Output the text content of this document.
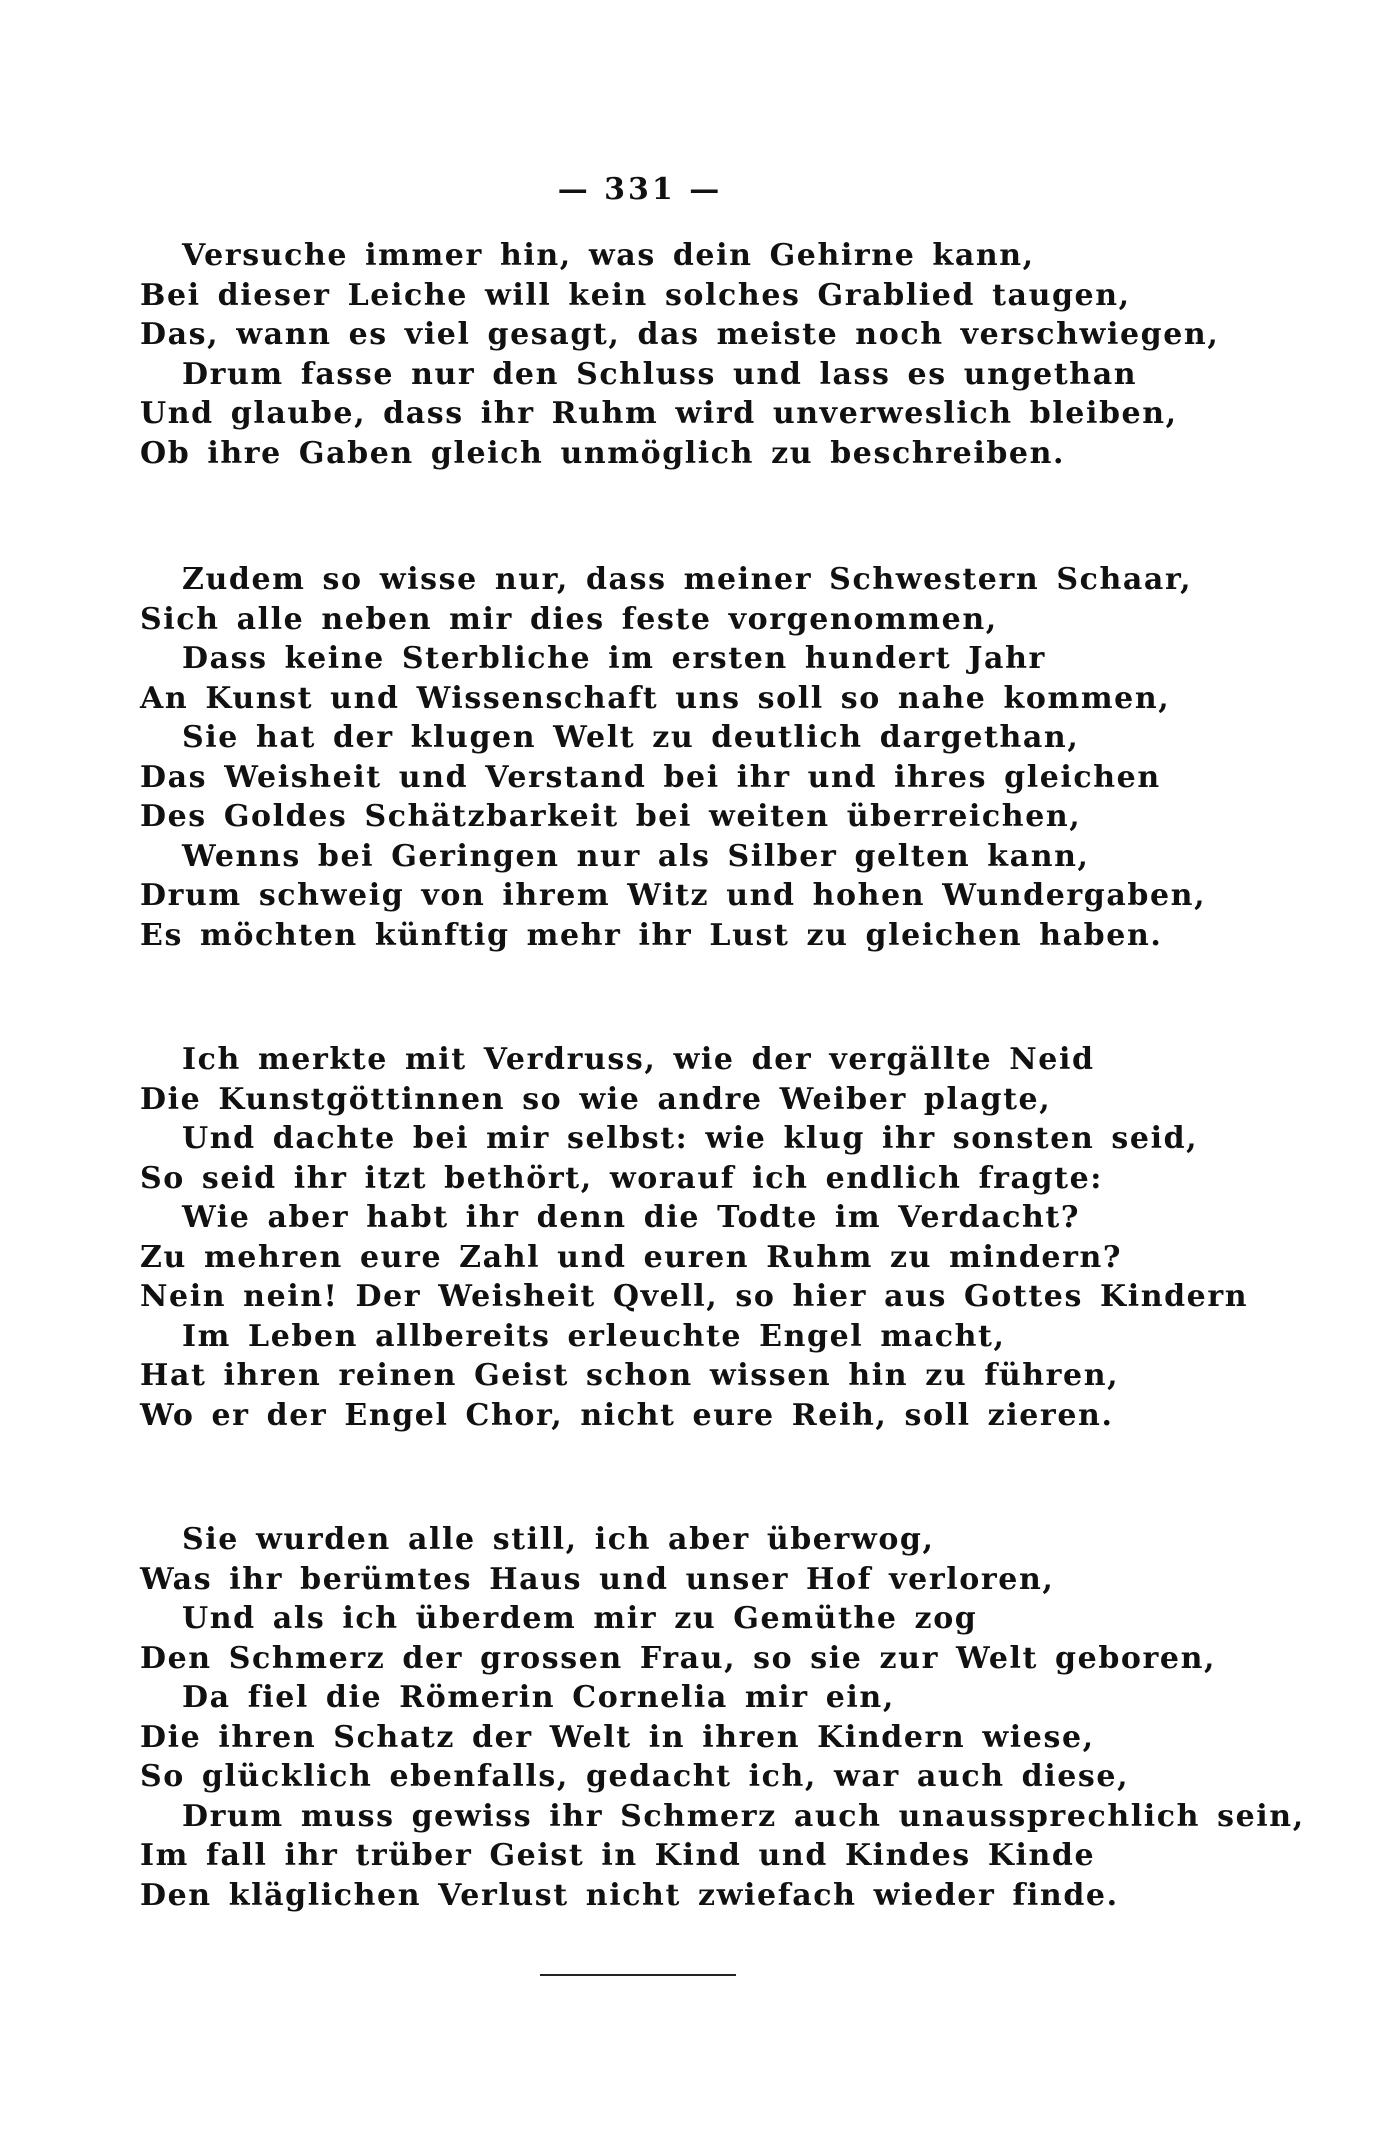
— 331 —
Versuche immer hin, was dein Gehirne kann,
Bei dieser Leiche will kein solches Grablied taugen,
Das, wann es viel gesagt, das meiste noch verschwiegen,
Drum fasse nur den Schluss und lass es ungethan
Und glaube, dass ihr Ruhm wird unverweslich bleiben,
Ob ihre Gaben gleich unmöglich zu beschreiben.
Zudem so wisse nur, dass meiner Schwestern Schaar,
Sich alle neben mir dies feste vorgenommen,
Dass keine Sterbliche im ersten hundert Jahr
An Kunst und Wissenschaft uns soll so nahe kommen,
Sie hat der klugen Welt zu deutlich dargethan,
Das Weisheit und Verstand bei ihr und ihres gleichen
Des Goldes Schätzbarkeit bei weiten überreichen,
Wenns bei Geringen nur als Silber gelten kann,
Drum schweig von ihrem Witz und hohen Wundergaben,
Es möchten künftig mehr ihr Lust zu gleichen haben.
Ich merkte mit Verdruss, wie der vergällte Neid
Die Kunstgöttinnen so wie andre Weiber plagte,
Und dachte bei mir selbst: wie klug ihr sonsten seid,
So seid ihr itzt bethört, worauf ich endlich fragte:
Wie aber habt ihr denn die Todte im Verdacht?
Zu mehren eure Zahl und euren Ruhm zu mindern?
Nein nein! Der Weisheit Qvell, so hier aus Gottes Kindern
Im Leben allbereits erleuchte Engel macht,
Hat ihren reinen Geist schon wissen hin zu führen,
Wo er der Engel Chor, nicht eure Reih, soll zieren.
Sie wurden alle still, ich aber überwog,
Was ihr berümtes Haus und unser Hof verloren,
Und als ich überdem mir zu Gemüthe zog
Den Schmerz der grossen Frau, so sie zur Welt geboren,
Da fiel die Römerin Cornelia mir ein,
Die ihren Schatz der Welt in ihren Kindern wiese,
So glücklich ebenfalls, gedacht ich, war auch diese,
Drum muss gewiss ihr Schmerz auch unaussprechlich sein,
Im fall ihr trüber Geist in Kind und Kindes Kinde
Den kläglichen Verlust nicht zwiefach wieder finde.
